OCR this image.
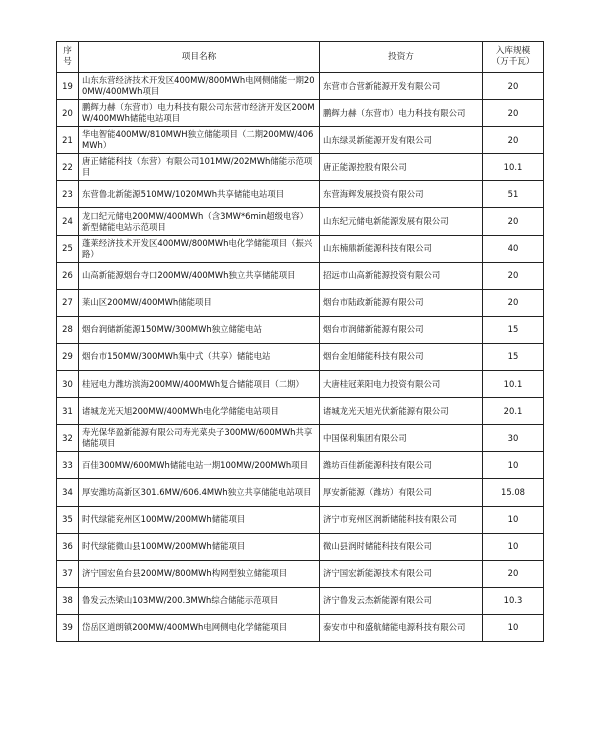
序号	项目名称	投资方	入库规模
（万千瓦）
19	山东东营经济技术开发区400MW/800MWh电网侧储能一期200MW/400MWh项目	东营市合营新能源开发有限公司	20
20	鹏辉力赫（东营市）电力科技有限公司东营市经济开发区200MW/400MWh储能电站项目	鹏辉力赫（东营市）电力科技有限公司	20
21	华电智能400MW/810MWH独立储能项目（二期200MW/406MWh）	山东绿灵新能源开发有限公司	20
22	唐正储能科技（东营）有限公司101MW/202MWh储能示范项目	唐正能源控股有限公司	10.1
23	东营鲁北新能源510MW/1020MWh共享储能电站项目	东营海辉发展投资有限公司	51
24	龙口纪元储电200MW/400MWh（含3MW*6min超级电容）新型储能电站示范项目	山东纪元储电新能源发展有限公司	20
25	蓬莱经济技术开发区400MW/800MWh电化学储能项目（振兴路）	山东楠鼎新能源科技有限公司	40
26	山高新能源烟台寺口200MW/400MWh独立共享储能项目	招远市山高新能源投资有限公司	20
27	莱山区200MW/400MWh储能项目	烟台市陆政新能源有限公司	20
28	烟台润储新能源150MW/300MWh独立储能电站	烟台市润储新能源有限公司	15
29	烟台市150MW/300MWh集中式（共享）储能电站	烟台金旭储能科技有限公司	15
30	桂冠电力潍坊滨海200MW/400MWh复合储能项目（二期）	大唐桂冠莱阳电力投资有限公司	10.1
31	诸城龙光天旭200MW/400MWh电化学储能电站项目	诸城龙光天旭光伏新能源有限公司	20.1
32	寿光保华盈新能源有限公司寿光菜央子300MW/600MWh共享储能项目	中国保利集团有限公司	30
33	百佳300MW/600MWh储能电站一期100MW/200MWh项目	潍坊百佳新能源科技有限公司	10
34	厚安潍坊高新区301.6MW/606.4MWh独立共享储能电站项目	厚安新能源（潍坊）有限公司	15.08
35	时代绿能兖州区100MW/200MWh储能项目	济宁市兖州区润新储能科技有限公司	10
36	时代绿能微山县100MW/200MWh储能项目	微山县润时储能科技有限公司	10
37	济宁国宏鱼台县200MW/800MWh构网型独立储能项目	济宁国宏新能源技术有限公司	20
38	鲁发云杰梁山103MW/200.3MWh综合储能示范项目	济宁鲁发云杰新能源有限公司	10.3
39	岱岳区道朗镇200MW/400MWh电网侧电化学储能项目	泰安市中和盛航储能电源科技有限公司	10
